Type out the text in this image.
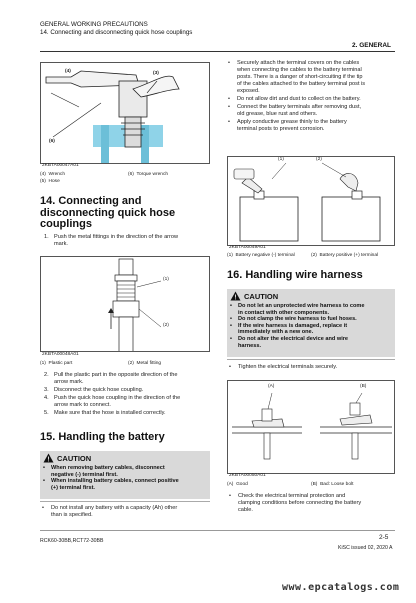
GENERAL WORKING PRECAUTIONS
14. Connecting and disconnecting quick hose couplings
2. GENERAL
(4)	(3)
(6)
2KBTA00047A01
(4) Wrench	(6) Torque wrench
(5) Hose
14. Connecting and
disconnecting quick hose
couplings
1. Push the metal fittings in the direction of the arrow
mark.
(1)
(2)
2KBTA00048A01
(1) Plastic part	(2) Metal fitting
2. Pull the plastic part in the opposite direction of the
arrow mark.
3. Disconnect the quick hose coupling.
4. Push the quick hose coupling in the direction of the
arrow mark to connect.
5. Make sure that the hose is installed correctly.
15. Handling the battery
CAUTION
•	When removing battery cables, disconnect
negative (-) terminal first.
•	When installing battery cables, connect positive
(+) terminal first.
•	Do not install any battery with a capacity (Ah) other
than is specified.
•	Securely attach the terminal covers on the cables
when connecting the cables to the battery terminal
posts. There is a danger of short-circuiting if the tip
of the cables attached to the battery terminal post is
exposed.
•	Do not allow dirt and dust to collect on the battery.
•	Connect the battery terminals after removing dust,
old grease, blue rust and others.
•	Apply conductive grease thinly to the battery
terminal posts to prevent corrosion.
(1)	(2)
2KBTA00049A01
(1) Battery negative (-) terminal	(2) Battery positive (+) terminal
16. Handling wire harness
CAUTION
•	Do not let an unprotected wire harness to come
in contact with other components.
•	Do not clamp the wire harness to fuel hoses.
•	If the wire harness is damaged, replace it
immediately with a new one.
•	Do not alter the electrical device and wire
harness.
•	Tighten the electrical terminals securely.
(A)	(B)
2KBTA00050A01
(A) Good	(B) Bad: Loose bolt
•	Check the electrical terminal protection and
clamping conditions before connecting the battery
cable.
RCK60-30BB,RCT72-30BB	2-5
KiSC issued 02, 2020 A
www.epcatalogs.com
